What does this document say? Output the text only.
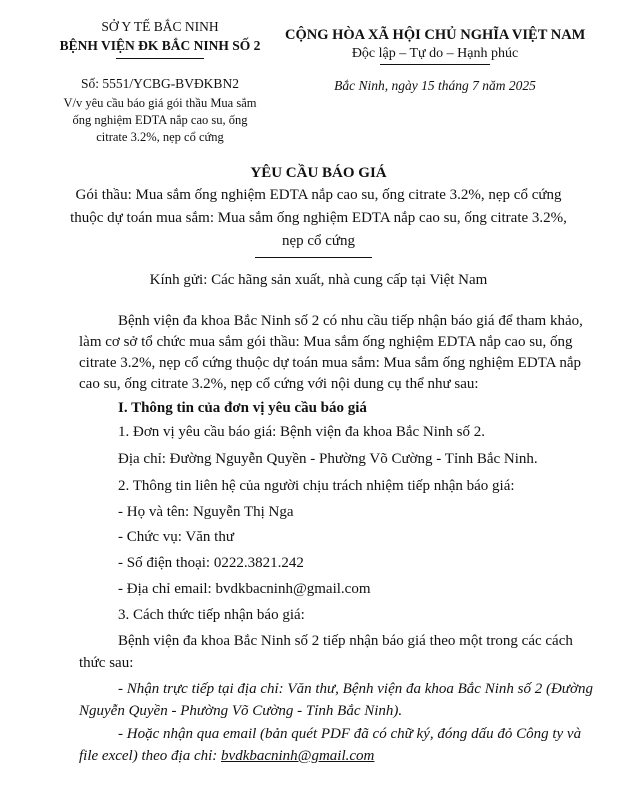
SỞ Y TẾ BẮC NINH
BỆNH VIỆN ĐK BẮC NINH SỐ 2
Số: 5551/YCBG-BVĐKBN2
V/v yêu cầu báo giá gói thầu Mua sắm
ống nghiệm EDTA nắp cao su, ống
citrate 3.2%, nẹp cổ cứng
CỘNG HÒA XÃ HỘI CHỦ NGHĨA VIỆT NAM
Độc lập – Tự do – Hạnh phúc
Bắc Ninh, ngày 15 tháng 7 năm 2025
YÊU CẦU BÁO GIÁ
Gói thầu: Mua sắm ống nghiệm EDTA nắp cao su, ống citrate 3.2%, nẹp cổ cứng
thuộc dự toán mua sắm: Mua sắm ống nghiệm EDTA nắp cao su, ống citrate 3.2%,
nẹp cổ cứng
Kính gửi: Các hãng sản xuất, nhà cung cấp tại Việt Nam
Bệnh viện đa khoa Bắc Ninh số 2 có nhu cầu tiếp nhận báo giá để tham khảo,
làm cơ sở tổ chức mua sắm gói thầu: Mua sắm ống nghiệm EDTA nắp cao su, ống
citrate 3.2%, nẹp cổ cứng thuộc dự toán mua sắm: Mua sắm ống nghiệm EDTA nắp
cao su, ống citrate 3.2%, nẹp cổ cứng với nội dung cụ thể như sau:
I. Thông tin của đơn vị yêu cầu báo giá
1. Đơn vị yêu cầu báo giá: Bệnh viện đa khoa Bắc Ninh số 2.
Địa chỉ: Đường Nguyễn Quyền - Phường Võ Cường - Tỉnh Bắc Ninh.
2. Thông tin liên hệ của người chịu trách nhiệm tiếp nhận báo giá:
- Họ và tên: Nguyễn Thị Nga
- Chức vụ: Văn thư
- Số điện thoại: 0222.3821.242
- Địa chỉ email: bvdkbacninh@gmail.com
3. Cách thức tiếp nhận báo giá:
Bệnh viện đa khoa Bắc Ninh số 2 tiếp nhận báo giá theo một trong các cách
thức sau:
- Nhận trực tiếp tại địa chỉ: Văn thư, Bệnh viện đa khoa Bắc Ninh số 2 (Đường
Nguyễn Quyền - Phường Võ Cường - Tỉnh Bắc Ninh).
- Hoặc nhận qua email (bản quét PDF đã có chữ ký, đóng dấu đỏ Công ty và
file excel) theo địa chỉ: bvdkbacninh@gmail.com
